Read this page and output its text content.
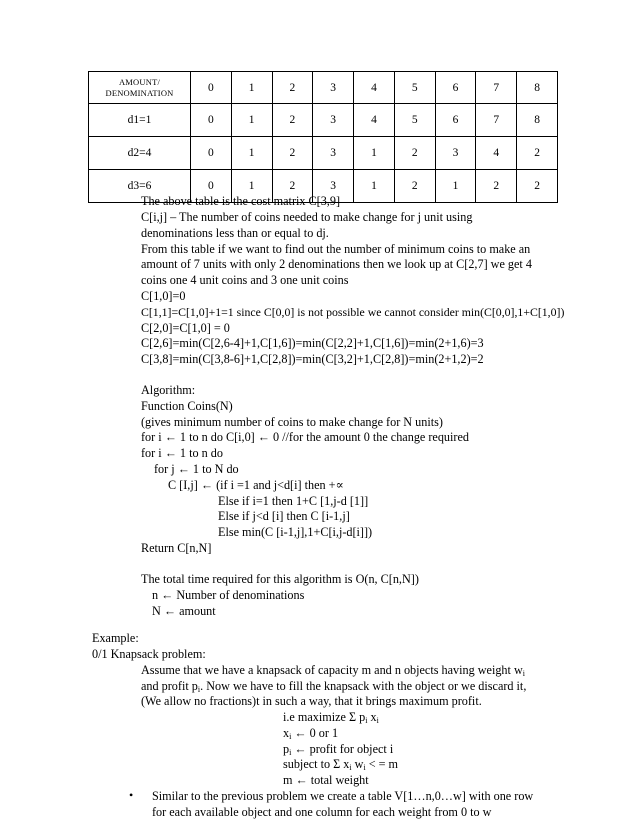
AMOUNT/
DENOMINATION	0	1	2	3	4	5	6	7	8
d1=1	0	1	2	3	4	5	6	7	8
d2=4	0	1	2	3	1	2	3	4	2
d3=6	0	1	2	3	1	2	1	2	2
The above table is the cost matrix C[3,9]
C[i,j] – The number of coins needed to make change for j unit using
denominations less than or equal to dj.
From this table if we want to find out the number of minimum coins to make an
amount of 7 units with only 2 denominations then we look up at C[2,7] we get 4
coins one 4 unit coins and 3 one unit coins
C[1,0]=0
C[1,1]=C[1,0]+1=1 since C[0,0] is not possible we cannot consider min(C[0,0],1+C[1,0])
C[2,0]=C[1,0] = 0
C[2,6]=min(C[2,6-4]+1,C[1,6])=min(C[2,2]+1,C[1,6])=min(2+1,6)=3
C[3,8]=min(C[3,8-6]+1,C[2,8])=min(C[3,2]+1,C[2,8])=min(2+1,2)=2
Algorithm:
Function Coins(N)
(gives minimum number of coins to make change for N units)
for i ← 1 to n do C[i,0] ← 0 //for the amount 0 the change required
for i ← 1 to n do
for j ← 1 to N do
C [I,j] ← (if i =1 and j<d[i] then +∝
Else if i=1 then 1+C [1,j-d [1]]
Else if j<d [i] then C [i-1,j]
Else min(C [i-1,j],1+C[i,j-d[i]])
Return C[n,N]
The total time required for this algorithm is O(n, C[n,N])
n ← Number of denominations
N ← amount
Example:
0/1 Knapsack problem:
Assume that we have a knapsack of capacity m and n objects having weight $w_i$
and profit $p_i$. Now we have to fill the knapsack with the object or we discard it,
(We allow no fractions)t in such a way, that it brings maximum profit.
i.e maximize Σ $p_i$ $x_i$
$x_i$ ← 0 or 1
$p_i$ ← profit for object i
subject to Σ $x_i$ $w_i$ < = m
m ← total weight
• Similar to the previous problem we create a table V[1…n,0…w] with one row
for each available object and one column for each weight from 0 to w
